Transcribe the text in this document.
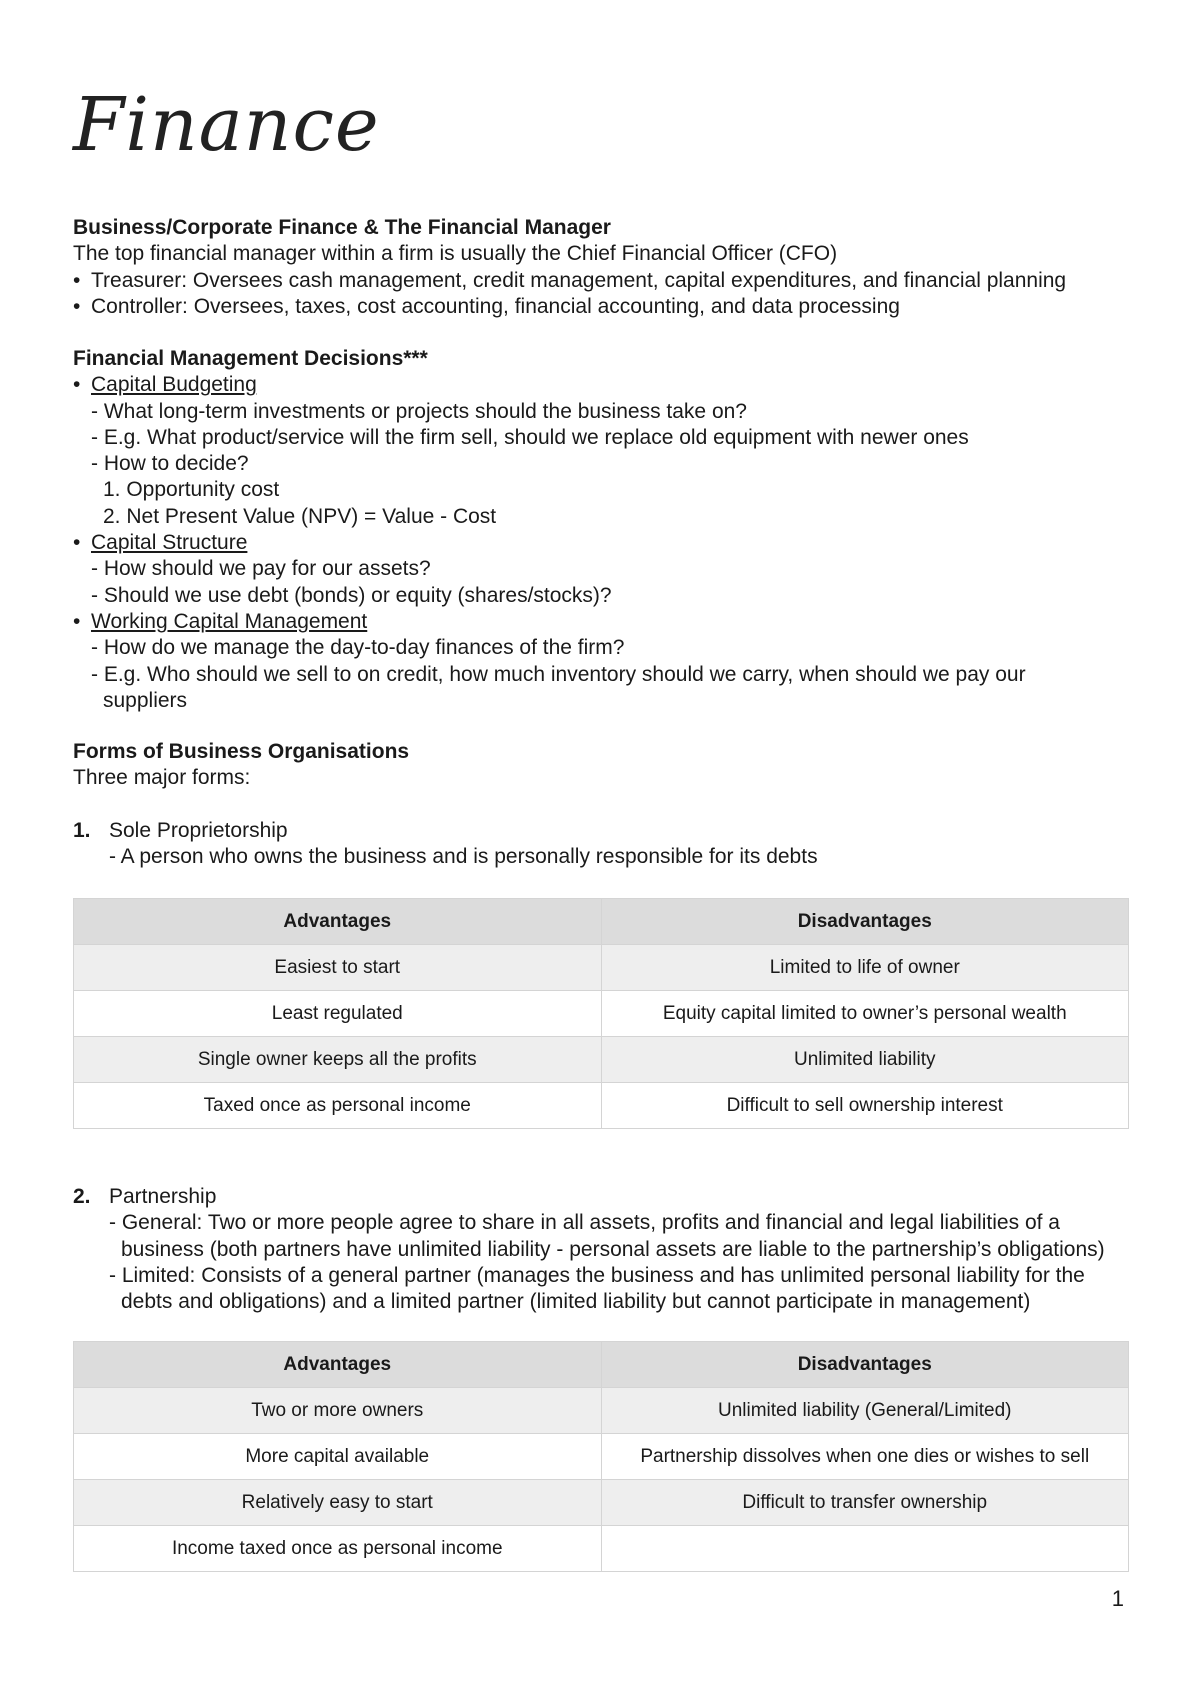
Finance
Business/Corporate Finance & The Financial Manager
The top financial manager within a firm is usually the Chief Financial Officer (CFO)
• Treasurer: Oversees cash management, credit management, capital expenditures, and financial planning
• Controller: Oversees, taxes, cost accounting, financial accounting, and data processing
Financial Management Decisions***
• Capital Budgeting
- What long-term investments or projects should the business take on?
- E.g. What product/service will the firm sell, should we replace old equipment with newer ones
- How to decide?
1. Opportunity cost
2. Net Present Value (NPV) = Value - Cost
• Capital Structure
- How should we pay for our assets?
- Should we use debt (bonds) or equity (shares/stocks)?
• Working Capital Management
- How do we manage the day-to-day finances of the firm?
- E.g. Who should we sell to on credit, how much inventory should we carry, when should we pay our
suppliers
Forms of Business Organisations
Three major forms:
1. Sole Proprietorship
- A person who owns the business and is personally responsible for its debts
Advantages	Disadvantages
Easiest to start	Limited to life of owner
Least regulated	Equity capital limited to owner’s personal wealth
Single owner keeps all the profits	Unlimited liability
Taxed once as personal income	Difficult to sell ownership interest
2. Partnership
- General: Two or more people agree to share in all assets, profits and financial and legal liabilities of a
business (both partners have unlimited liability - personal assets are liable to the partnership’s obligations)
- Limited: Consists of a general partner (manages the business and has unlimited personal liability for the
debts and obligations) and a limited partner (limited liability but cannot participate in management)
Advantages	Disadvantages
Two or more owners	Unlimited liability (General/Limited)
More capital available	Partnership dissolves when one dies or wishes to sell
Relatively easy to start	Difficult to transfer ownership
Income taxed once as personal income	
1
